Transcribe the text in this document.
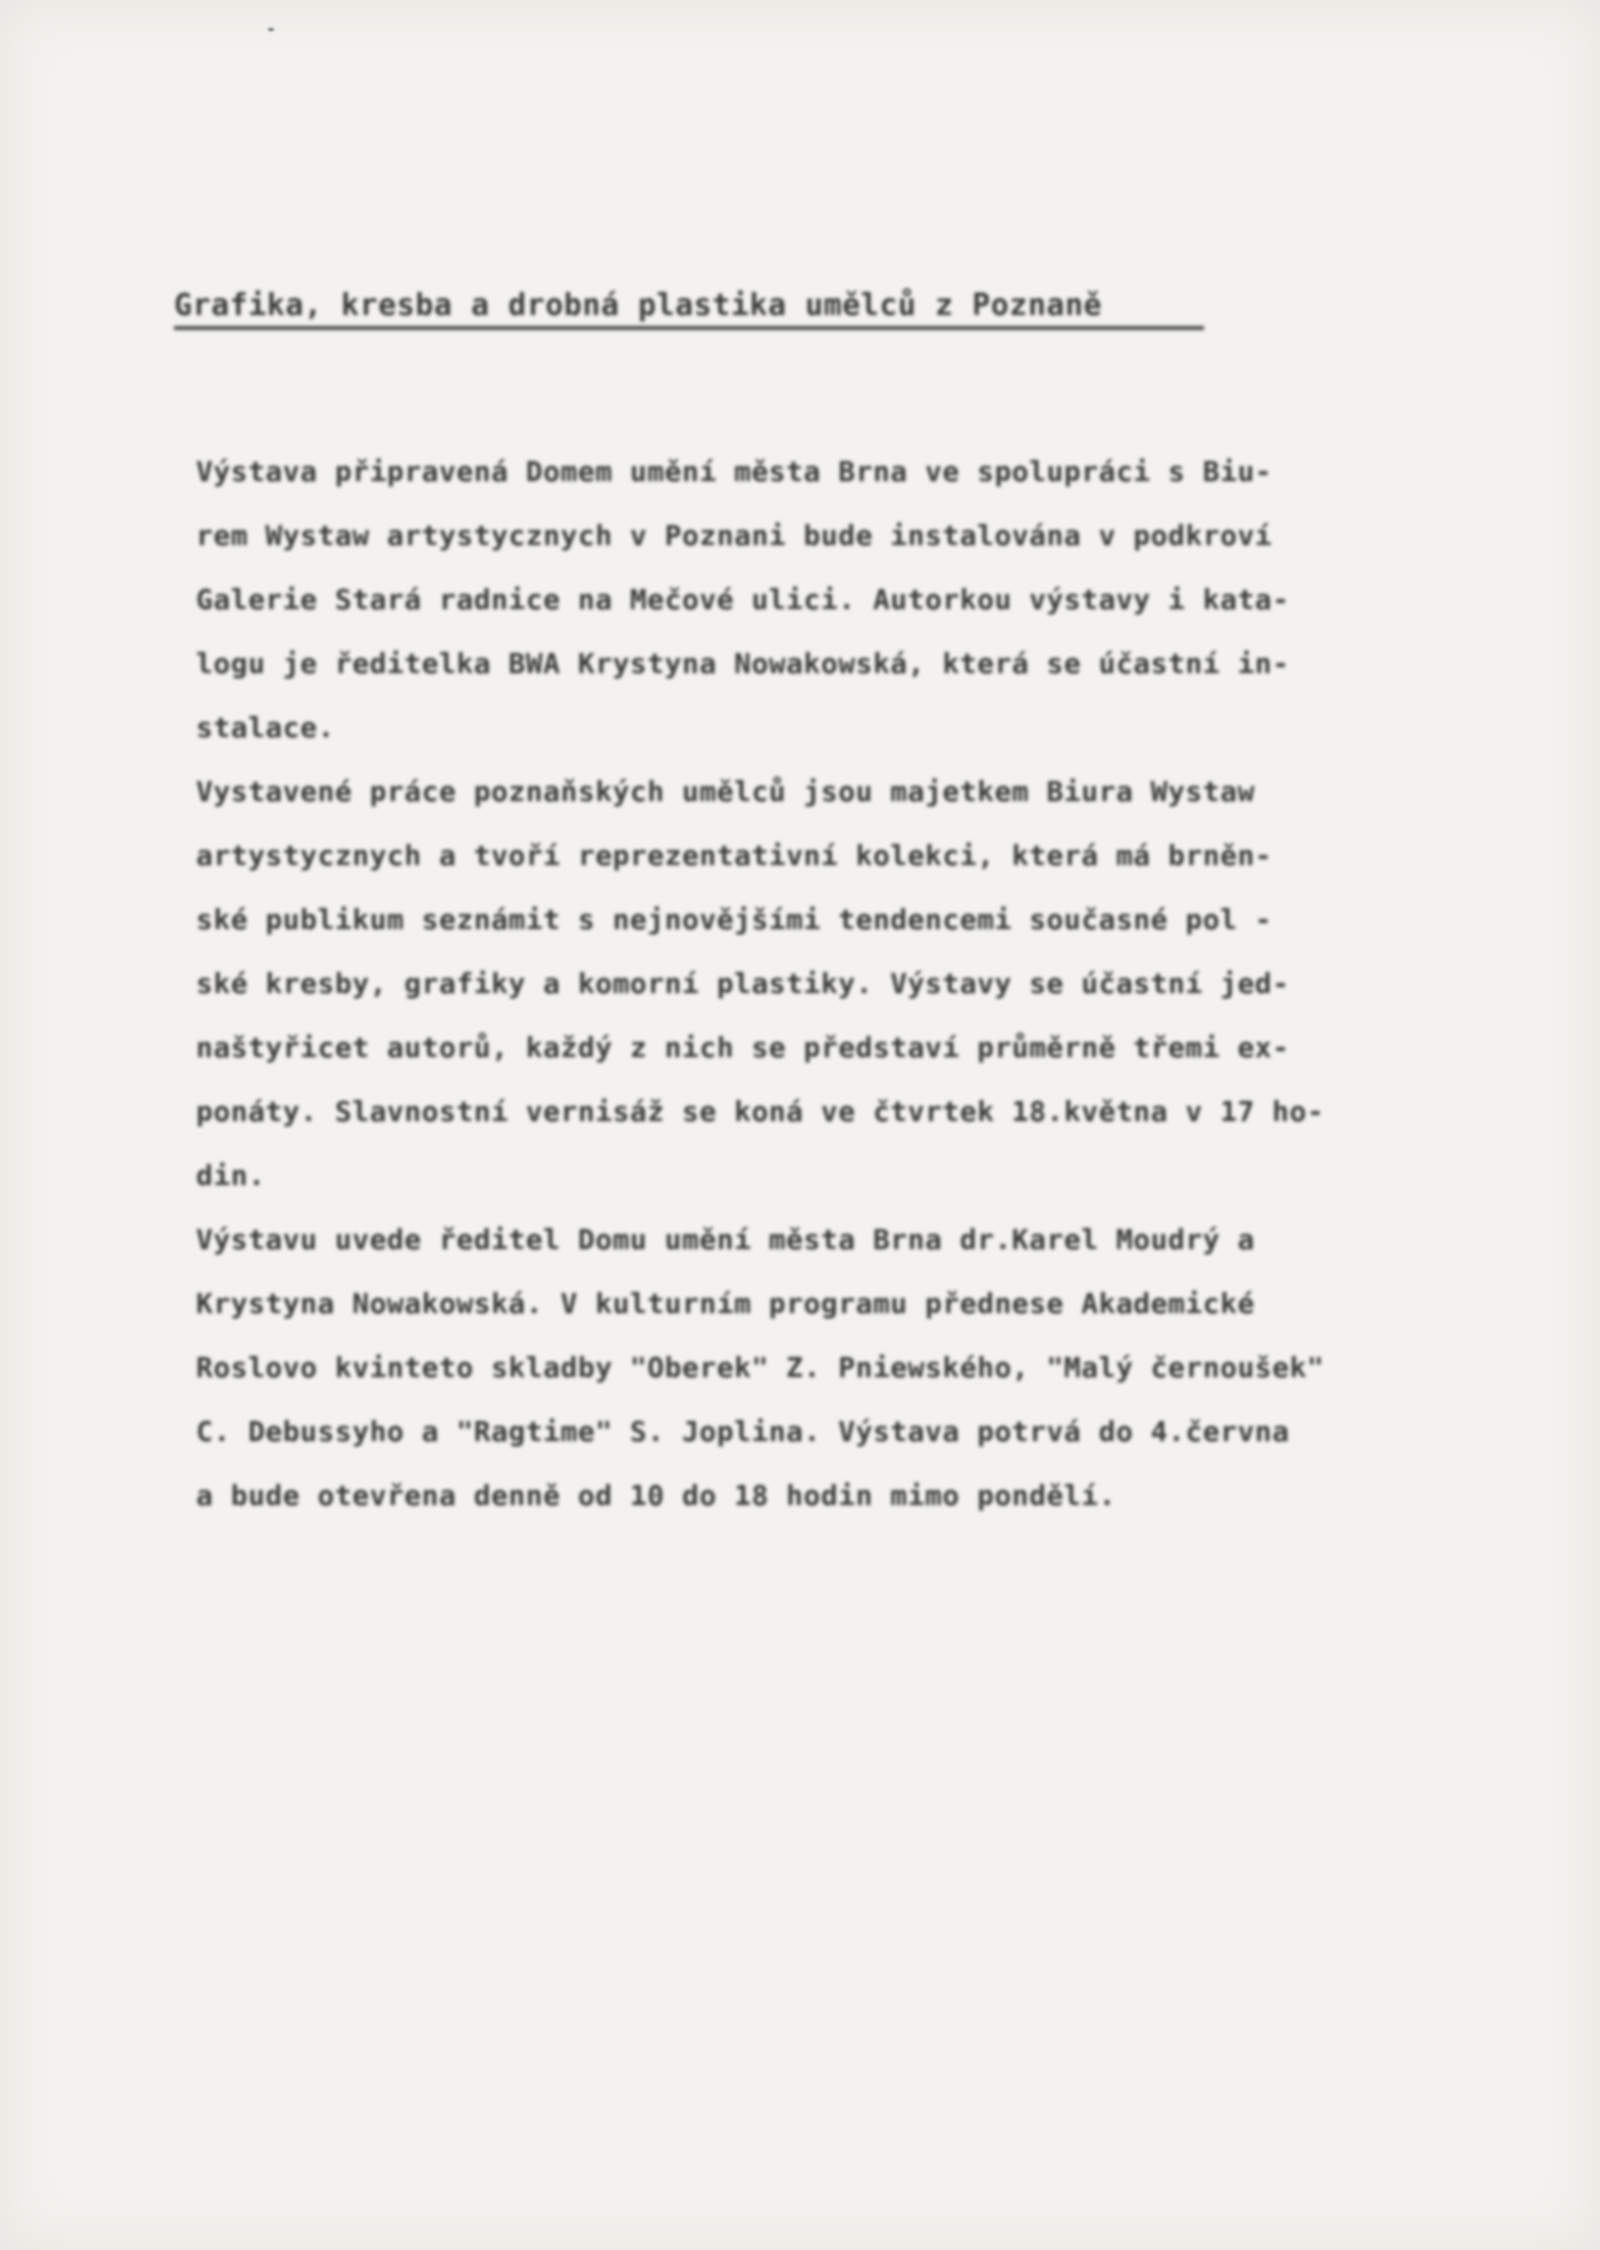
Grafika, kresba a drobná plastika umělců z Poznaně
Výstava připravená Domem umění města Brna ve spolupráci s Biu-
rem Wystaw artystycznych v Poznani bude instalována v podkroví
Galerie Stará radnice na Mečové ulici. Autorkou výstavy i kata-
logu je ředitelka BWA Krystyna Nowakowská, která se účastní in-
stalace.
Vystavené práce poznaňských umělců jsou majetkem Biura Wystaw
artystycznych a tvoří reprezentativní kolekci, která má brněn-
ské publikum seznámit s nejnovějšími tendencemi současné pol -
ské kresby, grafiky a komorní plastiky. Výstavy se účastní jed-
naštyřicet autorů, každý z nich se představí průměrně třemi ex-
ponáty. Slavnostní vernisáž se koná ve čtvrtek 18.května v 17 ho-
din.
Výstavu uvede ředitel Domu umění města Brna dr.Karel Moudrý a
Krystyna Nowakowská. V kulturním programu přednese Akademické
Roslovo kvinteto skladby "Oberek" Z. Pniewského, "Malý černoušek"
C. Debussyho a "Ragtime" S. Joplina. Výstava potrvá do 4.června
a bude otevřena denně od 10 do 18 hodin mimo pondělí.
